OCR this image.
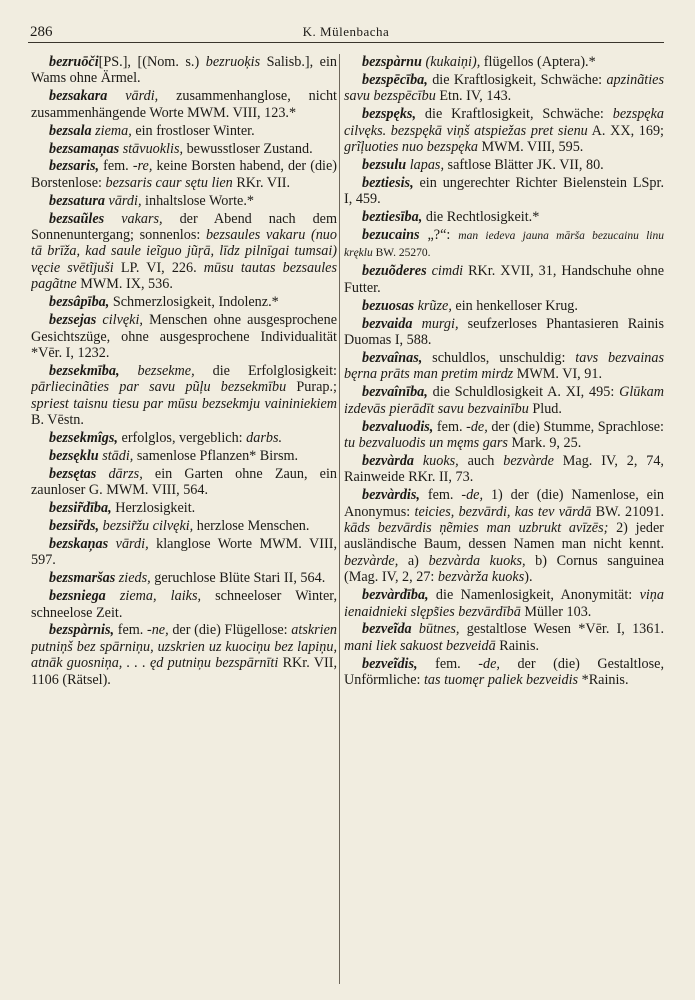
286	K. Mülenbacha

bezruōči[PS.], [(Nom. s.) bezruoķis Salisb.], ein Wams ohne Ärmel.

bezsakara vārdi, zusammenhanglose, nicht zusammenhängende Worte MWM. VIII, 123.*

bezsala ziema, ein frostloser Winter.

bezsamaņas stāvuoklis, bewusstloser Zustand.

bezsaris, fem. -re, keine Borsten habend, der (die) Borstenlose: bezsaris caur sętu lien RKr. VII.

bezsatura vārdi, inhaltslose Worte.*

bezsaũles vakars, der Abend nach dem Sonnenuntergang; sonnenlos: bezsaules vakaru (nuo tā brīža, kad saule ieĩguo jũŗā, līdz pilnīgai tumsai) vęcie svētĩjuši LP. VI, 226. mūsu tautas bezsaules pagãtne MWM. IX, 536.

bezsâpība, Schmerzlosigkeit, Indolenz.*

bezsejas cilvęki, Menschen ohne ausgesprochene Gesichtszüge, ohne ausgesprochene Individualität *Vēr. I, 1232.

bezsekmība, bezsekme, die Erfolglosigkeit: pārliecinãties par savu pũļu bezsekmību Purap.; spriest taisnu tiesu par mūsu bezsekmju vaininiekiem B. Vēstn.

bezsekmîgs, erfolglos, vergeblich: darbs.

bezsęklu stādi, samenlose Pflanzen* Birsm.

bezsętas dārzs, ein Garten ohne Zaun, ein zaunloser G. MWM. VIII, 564.

bezsir̃dība, Herzlosigkeit.

bezsir̃ds, bezsir̃žu cilvęki, herzlose Menschen.

bezskaņas vārdi, klanglose Worte MWM. VIII, 597.

bezsmaršas zieds, geruchlose Blüte Stari II, 564.

bezsniega ziema, laiks, schneeloser Winter, schneelose Zeit.

bezspàrnis, fem. -ne, der (die) Flügellose: atskrien putniņš bez spārniņu, uzskrien uz kuociņu bez lapiņu, atnāk guosniņa, . . . ęd putniņu bezspārnīti RKr. VII, 1106 (Rätsel).

bezspàrnu (kukaiņi), flügellos (Aptera).*

bezspēcība, die Kraftlosigkeit, Schwäche: apzinãties savu bezspēcību Etn. IV, 143.

bezspęks, die Kraftlosigkeit, Schwäche: bezspęka cilvęks. bezspękā viņš atspiežas pret sienu A. XX, 169; grĩļuoties nuo bezspęka MWM. VIII, 595.

bezsulu lapas, saftlose Blätter JK. VII, 80.

beztiesis, ein ungerechter Richter Bielenstein LSpr. I, 459.

beztiesība, die Rechtlosigkeit.*

bezucains „?“: man iedeva jauna mārša bezucainu linu kręklu BW. 25270.

bezuõderes cimdi RKr. XVII, 31, Handschuhe ohne Futter.

bezuosas krũze, ein henkelloser Krug.

bezvaida murgi, seufzerloses Phantasieren Rainis Duomas I, 588.

bezvaînas, schuldlos, unschuldig: tavs bezvainas bęrna prāts man pretim mirdz MWM. VI, 91.

bezvaînība, die Schuldlosigkeit A. XI, 495: Glūkam izdevās pierādīt savu bezvainību Plud.

bezvaluodis, fem. -de, der (die) Stumme, Sprachlose: tu bezvaluodis un męms gars Mark. 9, 25.

bezvàrda kuoks, auch bezvàrde Mag. IV, 2, 74, Rainweide RKr. II, 73.

bezvàrdis, fem. -de, 1) der (die) Namenlose, ein Anonymus: teicies, bezvārdi, kas tev vārdā BW. 21091. kāds bezvārdis ņẽmies man uzbrukt avīzēs; 2) jeder ausländische Baum, dessen Namen man nicht kennt. bezvàrde, a) bezvàrda kuoks, b) Cornus sanguinea (Mag. IV, 2, 27: bezvàrža kuoks).

bezvàrdība, die Namenlosigkeit, Anonymität: viņa ienaidnieki slęps̃ies bezvārdībā Müller 103.

bezveĩda būtnes, gestaltlose Wesen *Vēr. I, 1361. mani liek sakuost bezveidā Rainis.

bezveĩdis, fem. -de, der (die) Gestaltlose, Unförmliche: tas tuomęr paliek bezveidis *Rainis.
